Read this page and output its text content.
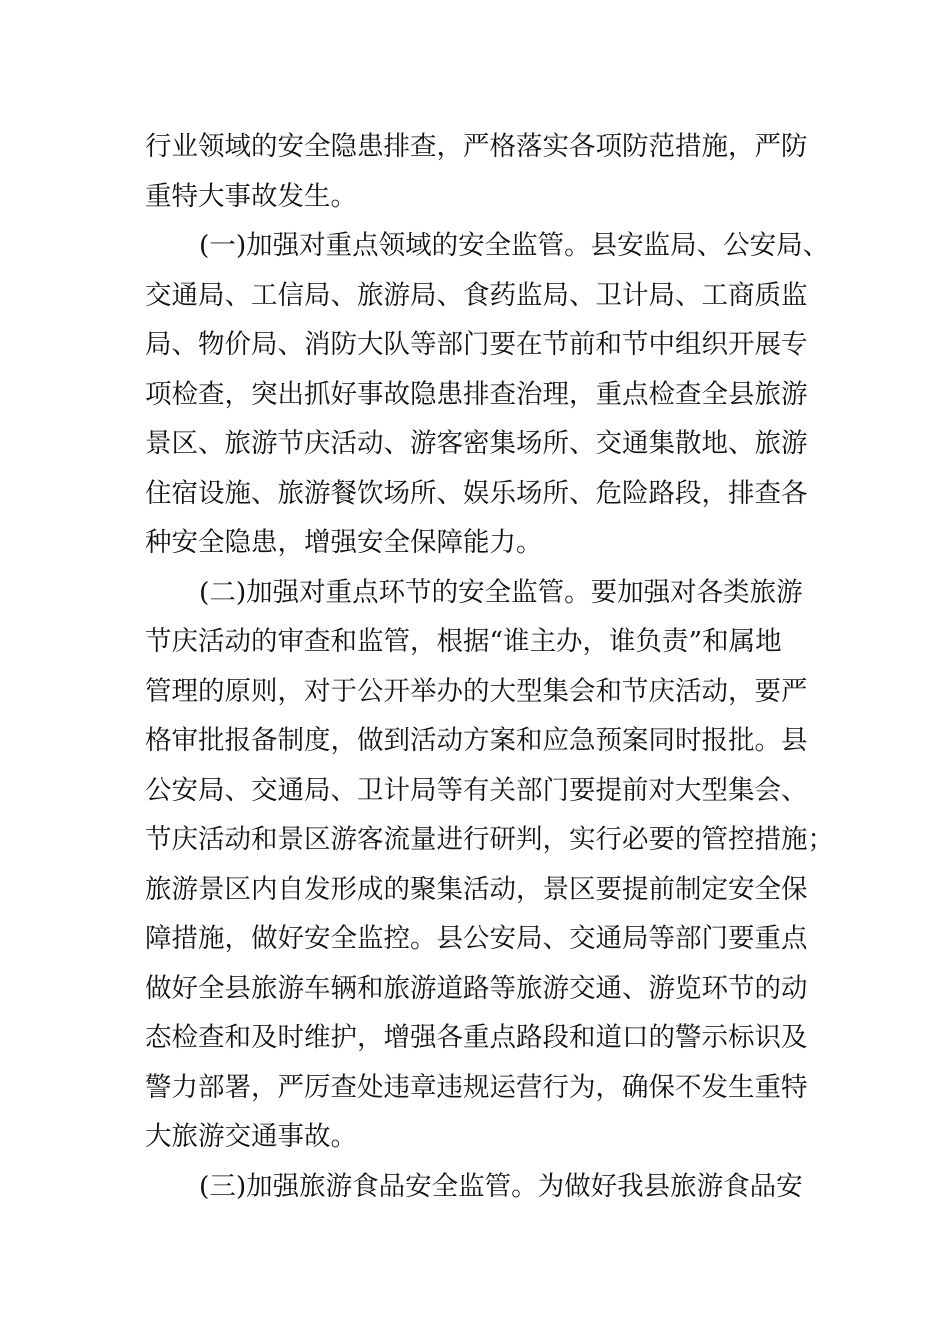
行业领域的安全隐患排查，严格落实各项防范措施，严防
重特大事故发生。
(一)加强对重点领域的安全监管。县安监局、公安局、
交通局、工信局、旅游局、食药监局、卫计局、工商质监
局、物价局、消防大队等部门要在节前和节中组织开展专
项检查，突出抓好事故隐患排查治理，重点检查全县旅游
景区、旅游节庆活动、游客密集场所、交通集散地、旅游
住宿设施、旅游餐饮场所、娱乐场所、危险路段，排查各
种安全隐患，增强安全保障能力。
(二)加强对重点环节的安全监管。要加强对各类旅游
节庆活动的审查和监管，根据“谁主办，谁负责”和属地
管理的原则，对于公开举办的大型集会和节庆活动，要严
格审批报备制度，做到活动方案和应急预案同时报批。县
公安局、交通局、卫计局等有关部门要提前对大型集会、
节庆活动和景区游客流量进行研判，实行必要的管控措施；
旅游景区内自发形成的聚集活动，景区要提前制定安全保
障措施，做好安全监控。县公安局、交通局等部门要重点
做好全县旅游车辆和旅游道路等旅游交通、游览环节的动
态检查和及时维护，增强各重点路段和道口的警示标识及
警力部署，严厉查处违章违规运营行为，确保不发生重特
大旅游交通事故。
(三)加强旅游食品安全监管。为做好我县旅游食品安
